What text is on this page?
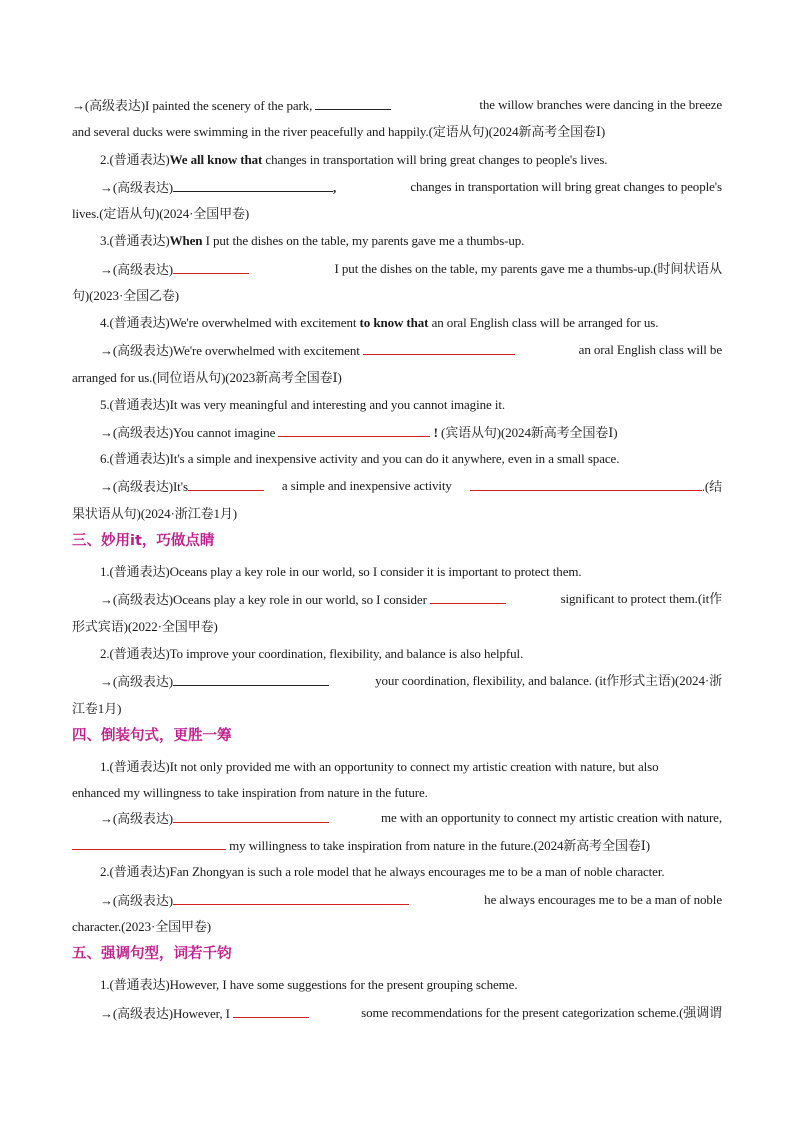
→(高级表达)I painted the scenery of the park,	the willow branches were dancing in the breeze
and several ducks were swimming in the river peacefully and happily.(定语从句)(2024新高考全国卷Ⅰ)
2.(普通表达)We all know that changes in transportation will bring great changes to people's lives.
→(高级表达)	,	changes in transportation will bring great changes to people's
lives.(定语从句)(2024·全国甲卷)
3.(普通表达)When I put the dishes on the table, my parents gave me a thumbs-up.
→(高级表达)	I put the dishes on the table, my parents gave me a thumbs-up.(时间状语从
句)(2023·全国乙卷)
4.(普通表达)We're overwhelmed with excitement to know that an oral English class will be arranged for us.
→(高级表达)We're overwhelmed with excitement	an oral English class will be
arranged for us.(同位语从句)(2023新高考全国卷Ⅰ)
5.(普通表达)It was very meaningful and interesting and you cannot imagine it.
→(高级表达)You cannot imagine	! (宾语从句)(2024新高考全国卷Ⅰ)
6.(普通表达)It's a simple and inexpensive activity and you can do it anywhere, even in a small space.
→(高级表达)It's	a simple and inexpensive activity	.(结
果状语从句)(2024·浙江卷1月)
三、妙用it，巧做点睛
1.(普通表达)Oceans play a key role in our world, so I consider it is important to protect them.
→(高级表达)Oceans play a key role in our world, so I consider	significant to protect them.(it作
形式宾语)(2022·全国甲卷)
2.(普通表达)To improve your coordination, flexibility, and balance is also helpful.
→(高级表达)	your coordination, flexibility, and balance. (it作形式主语)(2024·浙
江卷1月)
四、倒装句式，更胜一筹
1.(普通表达)It not only provided me with an opportunity to connect my artistic creation with nature, but also
enhanced my willingness to take inspiration from nature in the future.
→(高级表达)	me with an opportunity to connect my artistic creation with nature,
my willingness to take inspiration from nature in the future.(2024新高考全国卷Ⅰ)
2.(普通表达)Fan Zhongyan is such a role model that he always encourages me to be a man of noble character.
→(高级表达)	he always encourages me to be a man of noble
character.(2023·全国甲卷)
五、强调句型，词若千钧
1.(普通表达)However, I have some suggestions for the present grouping scheme.
→(高级表达)However, I	some recommendations for the present categorization scheme.(强调谓
